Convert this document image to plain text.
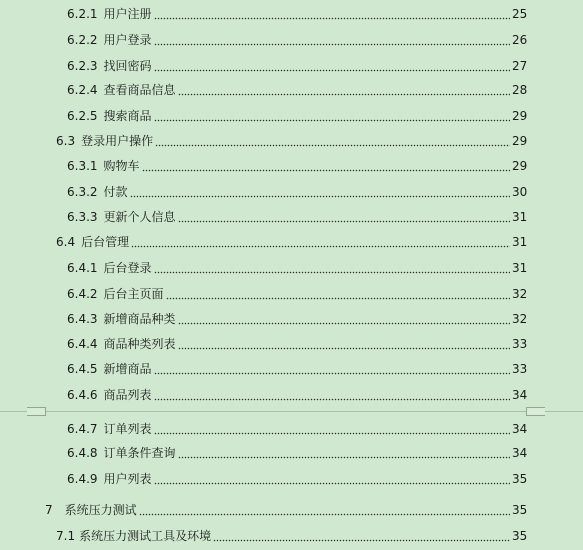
6.2.1 用户注册	25
6.2.2 用户登录	26
6.2.3 找回密码	27
6.2.4 查看商品信息	28
6.2.5 搜索商品	29
6.3 登录用户操作	29
6.3.1 购物车	29
6.3.2 付款	30
6.3.3 更新个人信息	31
6.4 后台管理	31
6.4.1 后台登录	31
6.4.2 后台主页面	32
6.4.3 新增商品种类	32
6.4.4 商品种类列表	33
6.4.5 新增商品	33
6.4.6 商品列表	34
6.4.7 订单列表	34
6.4.8 订单条件查询	34
6.4.9 用户列表	35
7 系统压力测试	35
7.1 系统压力测试工具及环境	35
